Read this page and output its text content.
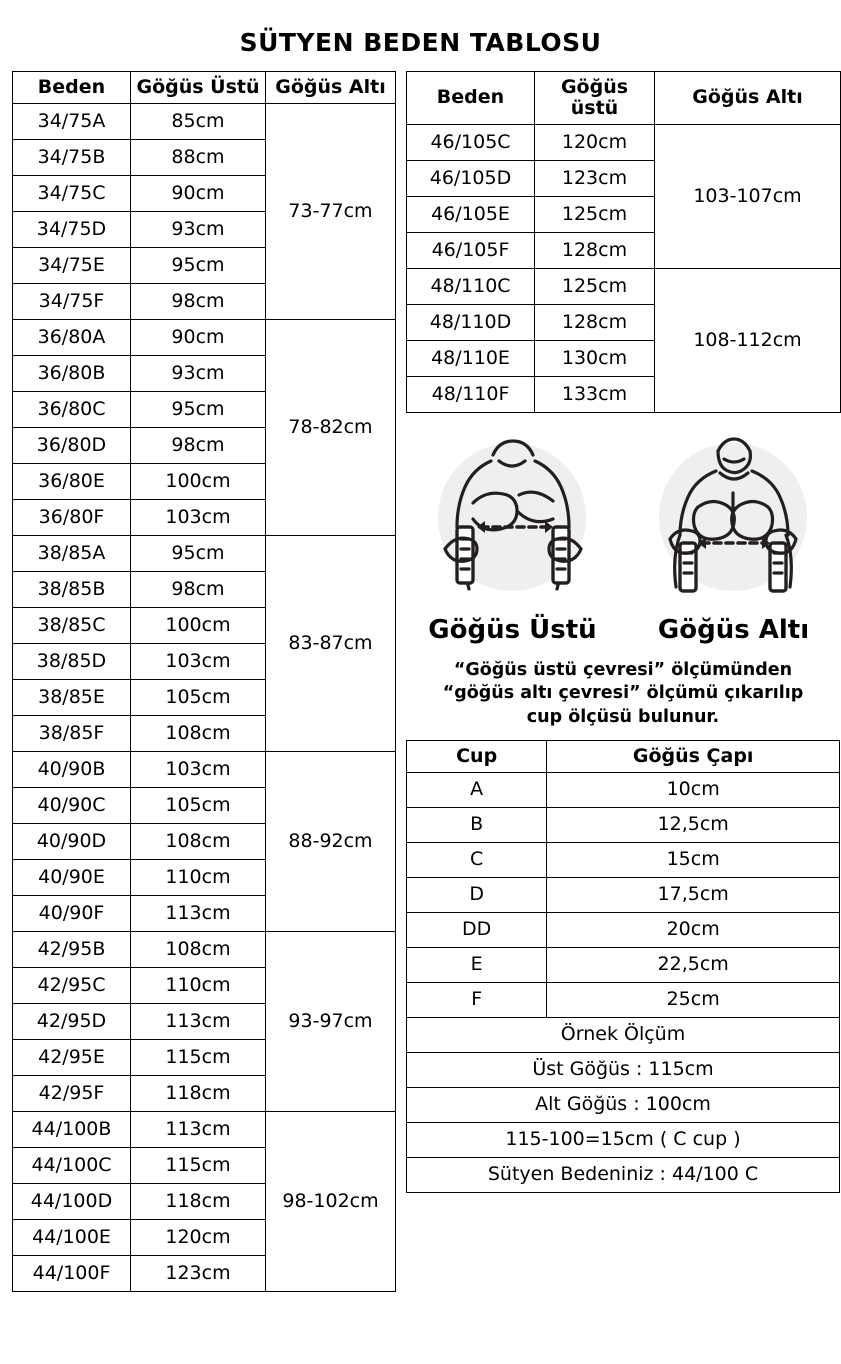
SÜTYEN BEDEN TABLOSU
Beden	Göğüs Üstü	Göğüs Altı
34/75A	85cm	73-77cm
34/75B	88cm	
34/75C	90cm	
34/75D	93cm	
34/75E	95cm	
34/75F	98cm	
36/80A	90cm	78-82cm
36/80B	93cm	
36/80C	95cm	
36/80D	98cm	
36/80E	100cm	
36/80F	103cm	
38/85A	95cm	83-87cm
38/85B	98cm	
38/85C	100cm	
38/85D	103cm	
38/85E	105cm	
38/85F	108cm	
40/90B	103cm	88-92cm
40/90C	105cm	
40/90D	108cm	
40/90E	110cm	
40/90F	113cm	
42/95B	108cm	93-97cm
42/95C	110cm	
42/95D	113cm	
42/95E	115cm	
42/95F	118cm	
44/100B	113cm	98-102cm
44/100C	115cm	
44/100D	118cm	
44/100E	120cm	
44/100F	123cm	
Beden	Göğüs üstü	Göğüs Altı
46/105C	120cm	103-107cm
46/105D	123cm	
46/105E	125cm	
46/105F	128cm	
48/110C	125cm	108-112cm
48/110D	128cm	
48/110E	130cm	
48/110F	133cm	
Göğüs Üstü	Göğüs Altı
“Göğüs üstü çevresi” ölçümünden
“göğüs altı çevresi” ölçümü çıkarılıp
cup ölçüsü bulunur.
Cup	Göğüs Çapı
A	10cm
B	12,5cm
C	15cm
D	17,5cm
DD	20cm
E	22,5cm
F	25cm
Örnek Ölçüm	
Üst Göğüs : 115cm	
Alt Göğüs : 100cm	
115-100=15cm ( C cup )	
Sütyen Bedeniniz : 44/100 C	
